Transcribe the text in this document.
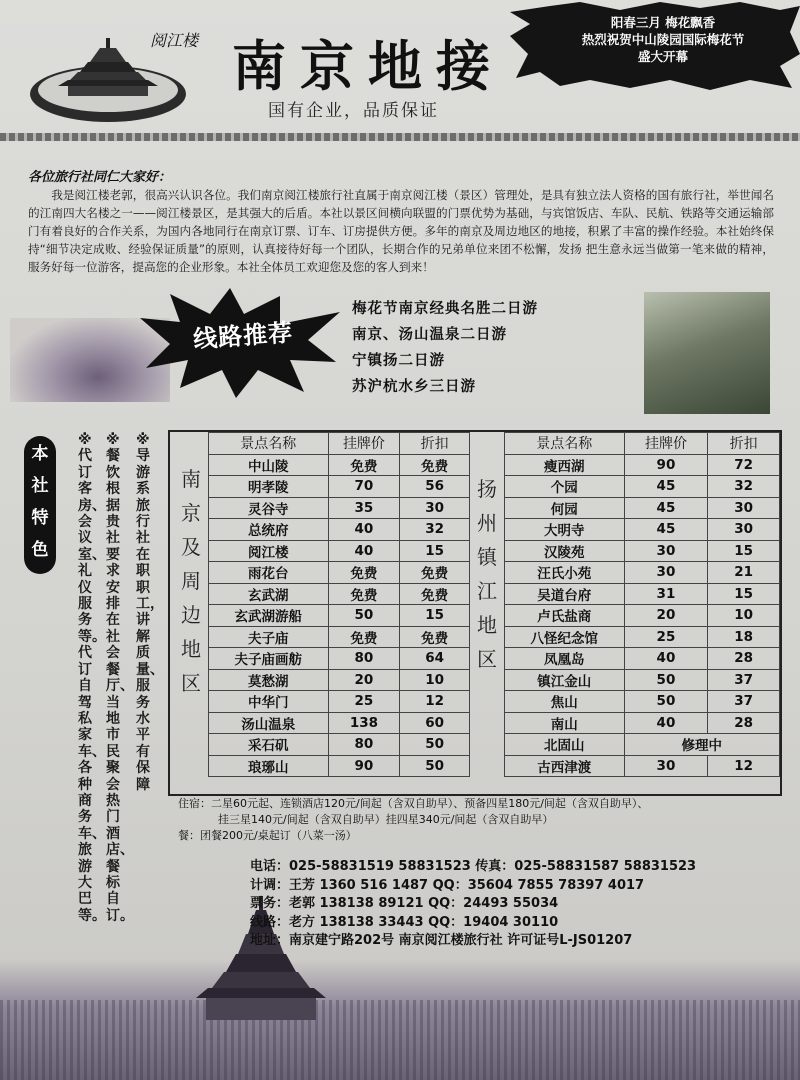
阅江楼 南京地接
国有企业，品质保证
阳春三月 梅花飘香
热烈祝贺中山陵园国际梅花节
盛大开幕
各位旅行社同仁大家好：
我是阅江楼老郭，很高兴认识各位。我们南京阅江楼旅行社直属于南京阅江楼（景区）管理处，是具有独立法人资格的国有旅行社，举世闻名的江南四大名楼之一——阅江楼景区，是其强大的后盾。本社以景区间横向联盟的门票优势为基础，与宾馆饭店、车队、民航、铁路等交通运输部门有着良好的合作关系，为国内各地同行在南京订票、订车、订房提供方便。多年的南京及周边地区的地接，积累了丰富的操作经验。本社始终保持“细节决定成败、经验保证质量”的原则，认真接待好每一个团队，长期合作的兄弟单位来团不松懈，发扬 把生意永远当做第一笔来做的精神，服务好每一位游客，提高您的企业形象。本社全体员工欢迎您及您的客人到来！
线路推荐
梅花节南京经典名胜二日游
南京、汤山温泉二日游
宁镇扬二日游
苏沪杭水乡三日游
本社特色
※代订客房、会议室、礼仪服务等。代订自驾私家车、各种商务车、旅游大巴等。
※餐饮根据贵社要求安排在社会餐厅、当地市民聚会热门酒店、餐标自订。
※导游系旅行社在职职工，讲解质量、服务水平有保障
南京及周边地区
景点名称	挂牌价	折扣
中山陵	免费	免费
明孝陵	70	56
灵谷寺	35	30
总统府	40	32
阅江楼	40	15
雨花台	免费	免费
玄武湖	免费	免费
玄武湖游船	50	15
夫子庙	免费	免费
夫子庙画舫	80	64
莫愁湖	20	10
中华门	25	12
汤山温泉	138	60
采石矶	80	50
琅琊山	90	50
扬州镇江地区
景点名称	挂牌价	折扣
瘦西湖	90	72
个园	45	32
何园	45	30
大明寺	45	30
汉陵苑	30	15
汪氏小苑	30	21
吴道台府	31	15
卢氏盐商	20	10
八怪纪念馆	25	18
凤凰岛	40	28
镇江金山	50	37
焦山	50	37
南山	40	28
北固山	修理中	
古西津渡	30	12
住宿：二星60元起、连锁酒店120元/间起（含双自助早）、预备四星180元/间起（含双自助早）、
挂三星140元/间起（含双自助早）挂四星340元/间起（含双自助早）
餐：团餐200元/桌起订（八菜一汤）
电话：025-58831519 58831523 传真：025-58831587 58831523
计调：王芳 1360 516 1487 QQ：35604 7855 78397 4017
票务：老郭 138138 89121 QQ：24493 55034
线路：老方 138138 33443 QQ：19404 30110
地址：南京建宁路202号 南京阅江楼旅行社 许可证号L-JS01207
